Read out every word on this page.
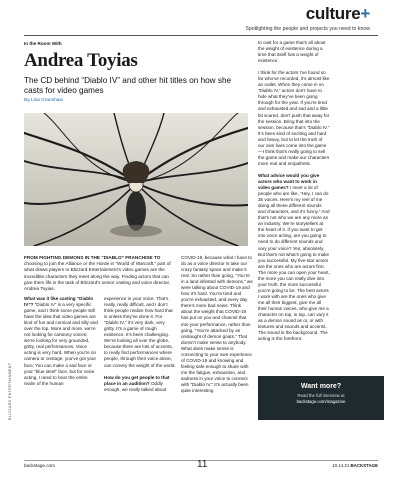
culture+
Spotlighting the people and projects you need to know
In the Room With
Andrea Toyias
The CD behind “Diablo IV” and other hit titles on how she casts for video games
By Lisa Granshaw
BLIZZARD ENTERTAINMENT
FROM FIGHTING DEMONS IN THE “DIABLO” FRANCHISE TO choosing to join the Alliance or the Horde in “World of Warcraft,” part of what draws players to Blizzard Entertainment’s video games are the incredible characters they meet along the way. Finding actors that can give them life is the task of Blizzard’s senior casting and voice director, Andrea Toyias.

What was it like casting “Diablo IV”? “Diablo IV” is a very specific game, and I think some people still have the idea that video games are kind of fun and comical and silly and over the top. More and more, we’re not looking for cartoony voices; we’re looking for very grounded, gritty, real performances. Voice acting is very hard. When you’re on camera or onstage, you’ve got your face; You can make a sad face or your “blue steel” face, but for voice acting, I need to hear the entire realm of the human

experience in your voice. That’s really, really difficult, and I don’t think people realize how hard that is unless they’ve done it. For “Diablo IV,” it’s very dark, very gritty. It’s a game of rough existence. It’s been challenging. We’re looking all over the globe, because there are lots of accents, to really find performances where people, through their voice alone, can convey the weight of the world.

How do you get people to that place in an audition? Oddly enough, we really talked about

COVID-19, because what I have to do as a voice director is take our crazy fantasy space and make it real. So rather than going, “You’re in a land infested with demons,” we were talking about COVID-19 and how it’s hard. You’re tired and you’re exhausted, and every day there’s more bad news. Think about the weight that COVID-19 has put on you and channel that into your performance, rather than going, “You’re attacked by an onslaught of demon goats.” That doesn’t make sense to anybody. What does make sense is connecting to your own experience of COVID-19 and knowing and feeling safe enough to share with me the fatigue, exhaustion, and sadness in your voice to connect with “Diablo IV.” It’s actually been quite interesting

to cast for a game that’s all about the weight of existence during a time that itself has a weight of existence.

I think for the actors I’ve found so far who’ve recorded, it’s almost like an outlet. When they come in on “Diablo IV,” actors don’t have to hide what they’ve been going through for the year. If you’re tired and exhausted and sad and a little bit scared, don’t push that away for the session. Bring that into the session, because that’s “Diablo IV.” It’s been kind of exciting and hard and heavy, but to let the truth of our own lives come into the game—I think that’s really going to sell the game and make our characters more real and empathetic.

What advice would you give actors who want to work in video games? I meet a lot of people who are like, “Hey, I can do 35 voices. Here’s my reel of me doing all these different sounds and characters, and it’s funny.” And that’s not who we are any more as an industry. We’re storytellers at the heart of it. If you want to get into voice acting, are you going to need to do different sounds and vary your voice? Yes, absolutely. But that’s not what’s going to make you successful. My five-star actors are the ones who are actors first. The more you can open your heart, the more you can really dive into your truth, the more successful you’re going to be. The best actors I work with are the ones who give me all their biggest, give me all their human voices, who give me a character on top, in top, can vary it as a demon sound as or, or with textures and sounds and accents. The sound is the background. The acting is the forefront.

Want more?
Read the full interview at
backstage.com/magazine
backstage.com	11	10.14.21 BACKSTAGE
